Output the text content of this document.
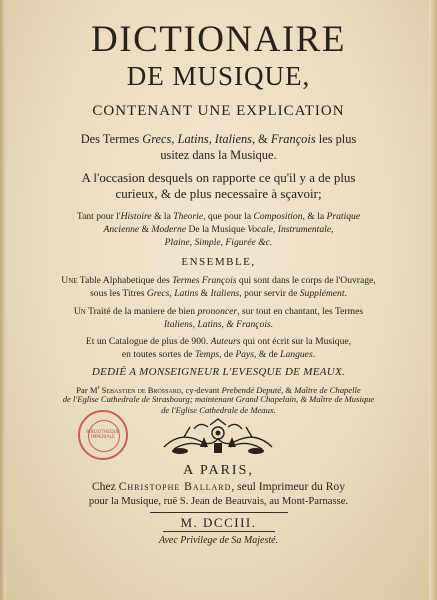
DICTIONAIRE
DE MUSIQUE,
CONTENANT UNE EXPLICATION
Des Termes Grecs, Latins, Italiens, & François les plus
usitez dans la Musique.
A l'occasion desquels on rapporte ce qu'il y a de plus
curieux, & de plus necessaire à sçavoir;
Tant pour l'Histoire & la Theorie, que pour la Composition, & la Pratique
Ancienne & Moderne De la Musique Vocale, Instrumentale,
Plaine, Simple, Figurée &c.
ENSEMBLE,
Une Table Alphabetique des Termes François qui sont dans le corps de l'Ouvrage,
sous les Titres Grecs, Latins & Italiens, pour servir de Supplément.
Un Traité de la maniere de bien prononcer, sur tout en chantant, les Termes
Italiens, Latins, & François.
Et un Catalogue de plus de 900. Auteurs qui ont écrit sur la Musique,
en toutes sortes de Temps, de Pays, & de Langues.
DEDIÉ A MONSEIGNEUR L'EVESQUE DE MEAUX.
Par $M^r$ Sebastien de Brossard, cy-devant Prebendé Deputé, & Maître de Chapelle
de l'Eglise Cathedrale de Strasbourg; maintenant Grand Chapelain, & Maître de Musique
de l'Eglise Cathedrale de Meaux.
BIBLIOTHEQUE IMPERIALE
A PARIS,
Chez Christophe Ballard, seul Imprimeur du Roy
pour la Musique, ruë S. Jean de Beauvais, au Mont-Parnasse.
M. DCCIII.
Avec Privilege de Sa Majesté.
